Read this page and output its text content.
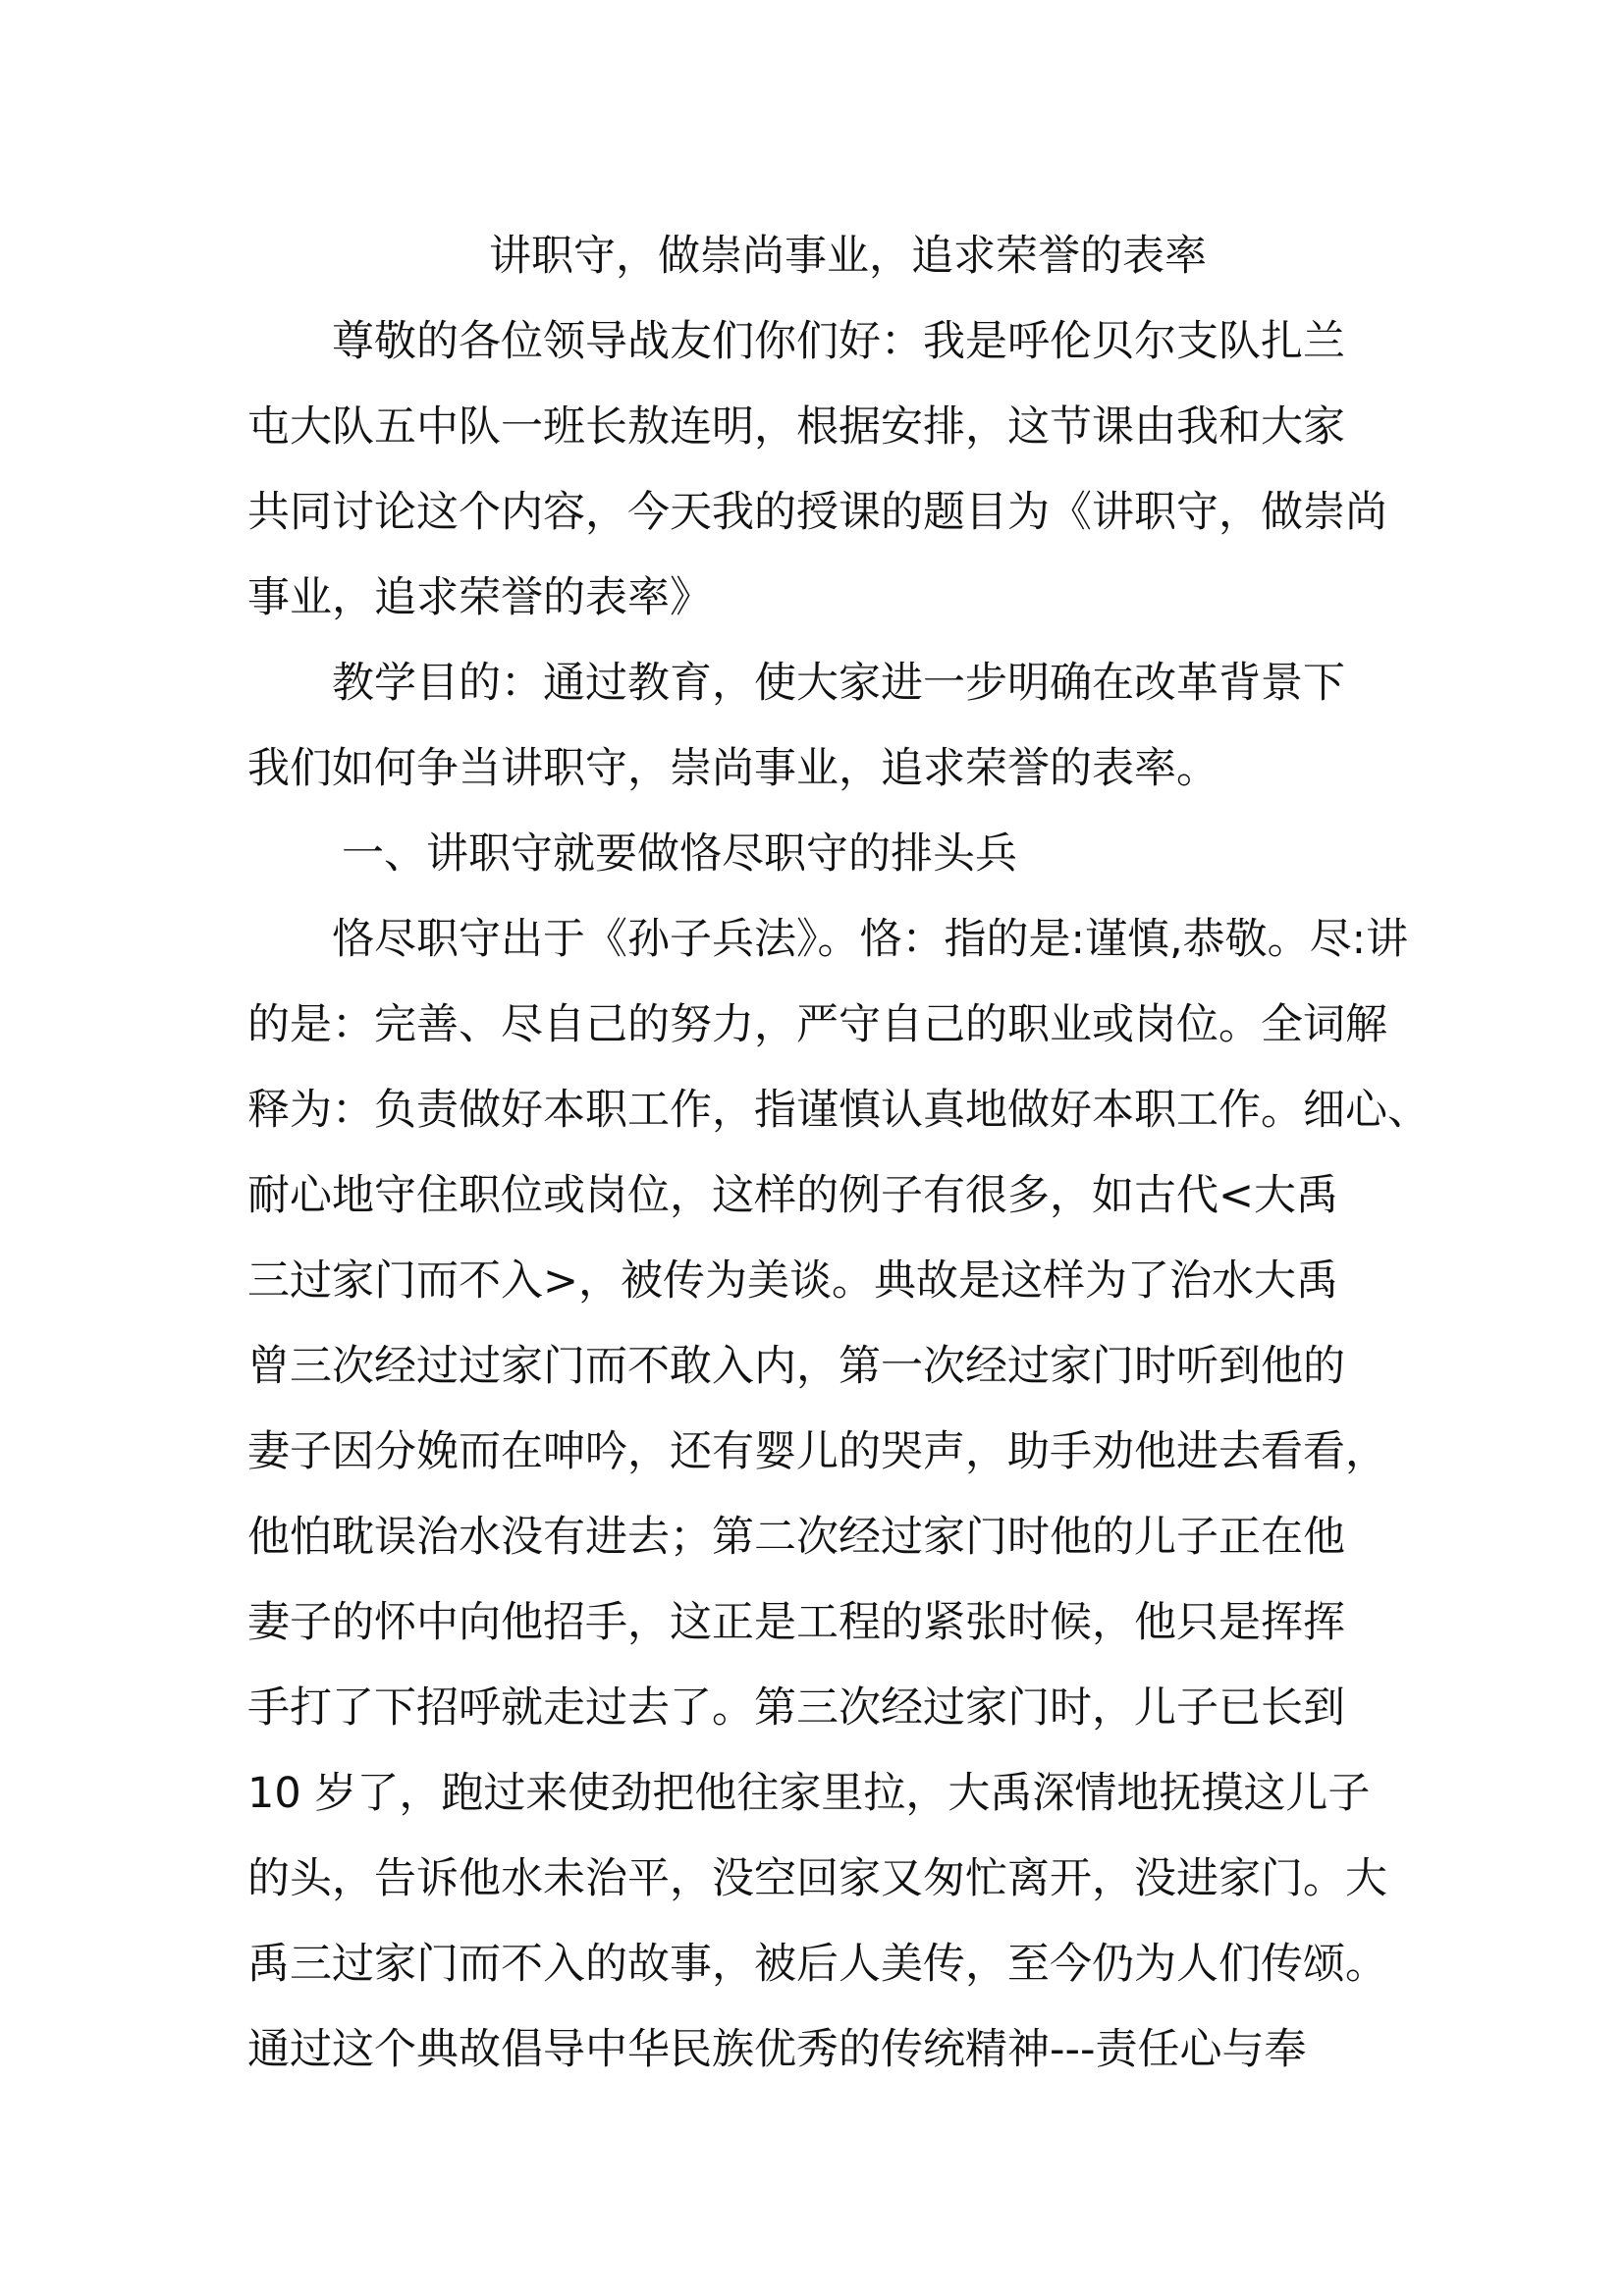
讲职守，做崇尚事业，追求荣誉的表率

尊敬的各位领导战友们你们好：我是呼伦贝尔支队扎兰
屯大队五中队一班长敖连明，根据安排，这节课由我和大家
共同讨论这个内容，今天我的授课的题目为《讲职守，做崇尚
事业，追求荣誉的表率》

教学目的：通过教育，使大家进一步明确在改革背景下
我们如何争当讲职守，崇尚事业，追求荣誉的表率。

一、讲职守就要做恪尽职守的排头兵

恪尽职守出于《孙子兵法》。恪：指的是:谨慎,恭敬。尽:讲
的是：完善、尽自己的努力，严守自己的职业或岗位。全词解
释为：负责做好本职工作，指谨慎认真地做好本职工作。细心、
耐心地守住职位或岗位，这样的例子有很多，如古代<大禹
三过家门而不入>，被传为美谈。典故是这样为了治水大禹
曾三次经过过家门而不敢入内，第一次经过家门时听到他的
妻子因分娩而在呻吟，还有婴儿的哭声，助手劝他进去看看，
他怕耽误治水没有进去；第二次经过家门时他的儿子正在他
妻子的怀中向他招手，这正是工程的紧张时候，他只是挥挥
手打了下招呼就走过去了。第三次经过家门时，儿子已长到
10 岁了，跑过来使劲把他往家里拉，大禹深情地抚摸这儿子
的头，告诉他水未治平，没空回家又匆忙离开，没进家门。大
禹三过家门而不入的故事，被后人美传，至今仍为人们传颂。
通过这个典故倡导中华民族优秀的传统精神---责任心与奉
